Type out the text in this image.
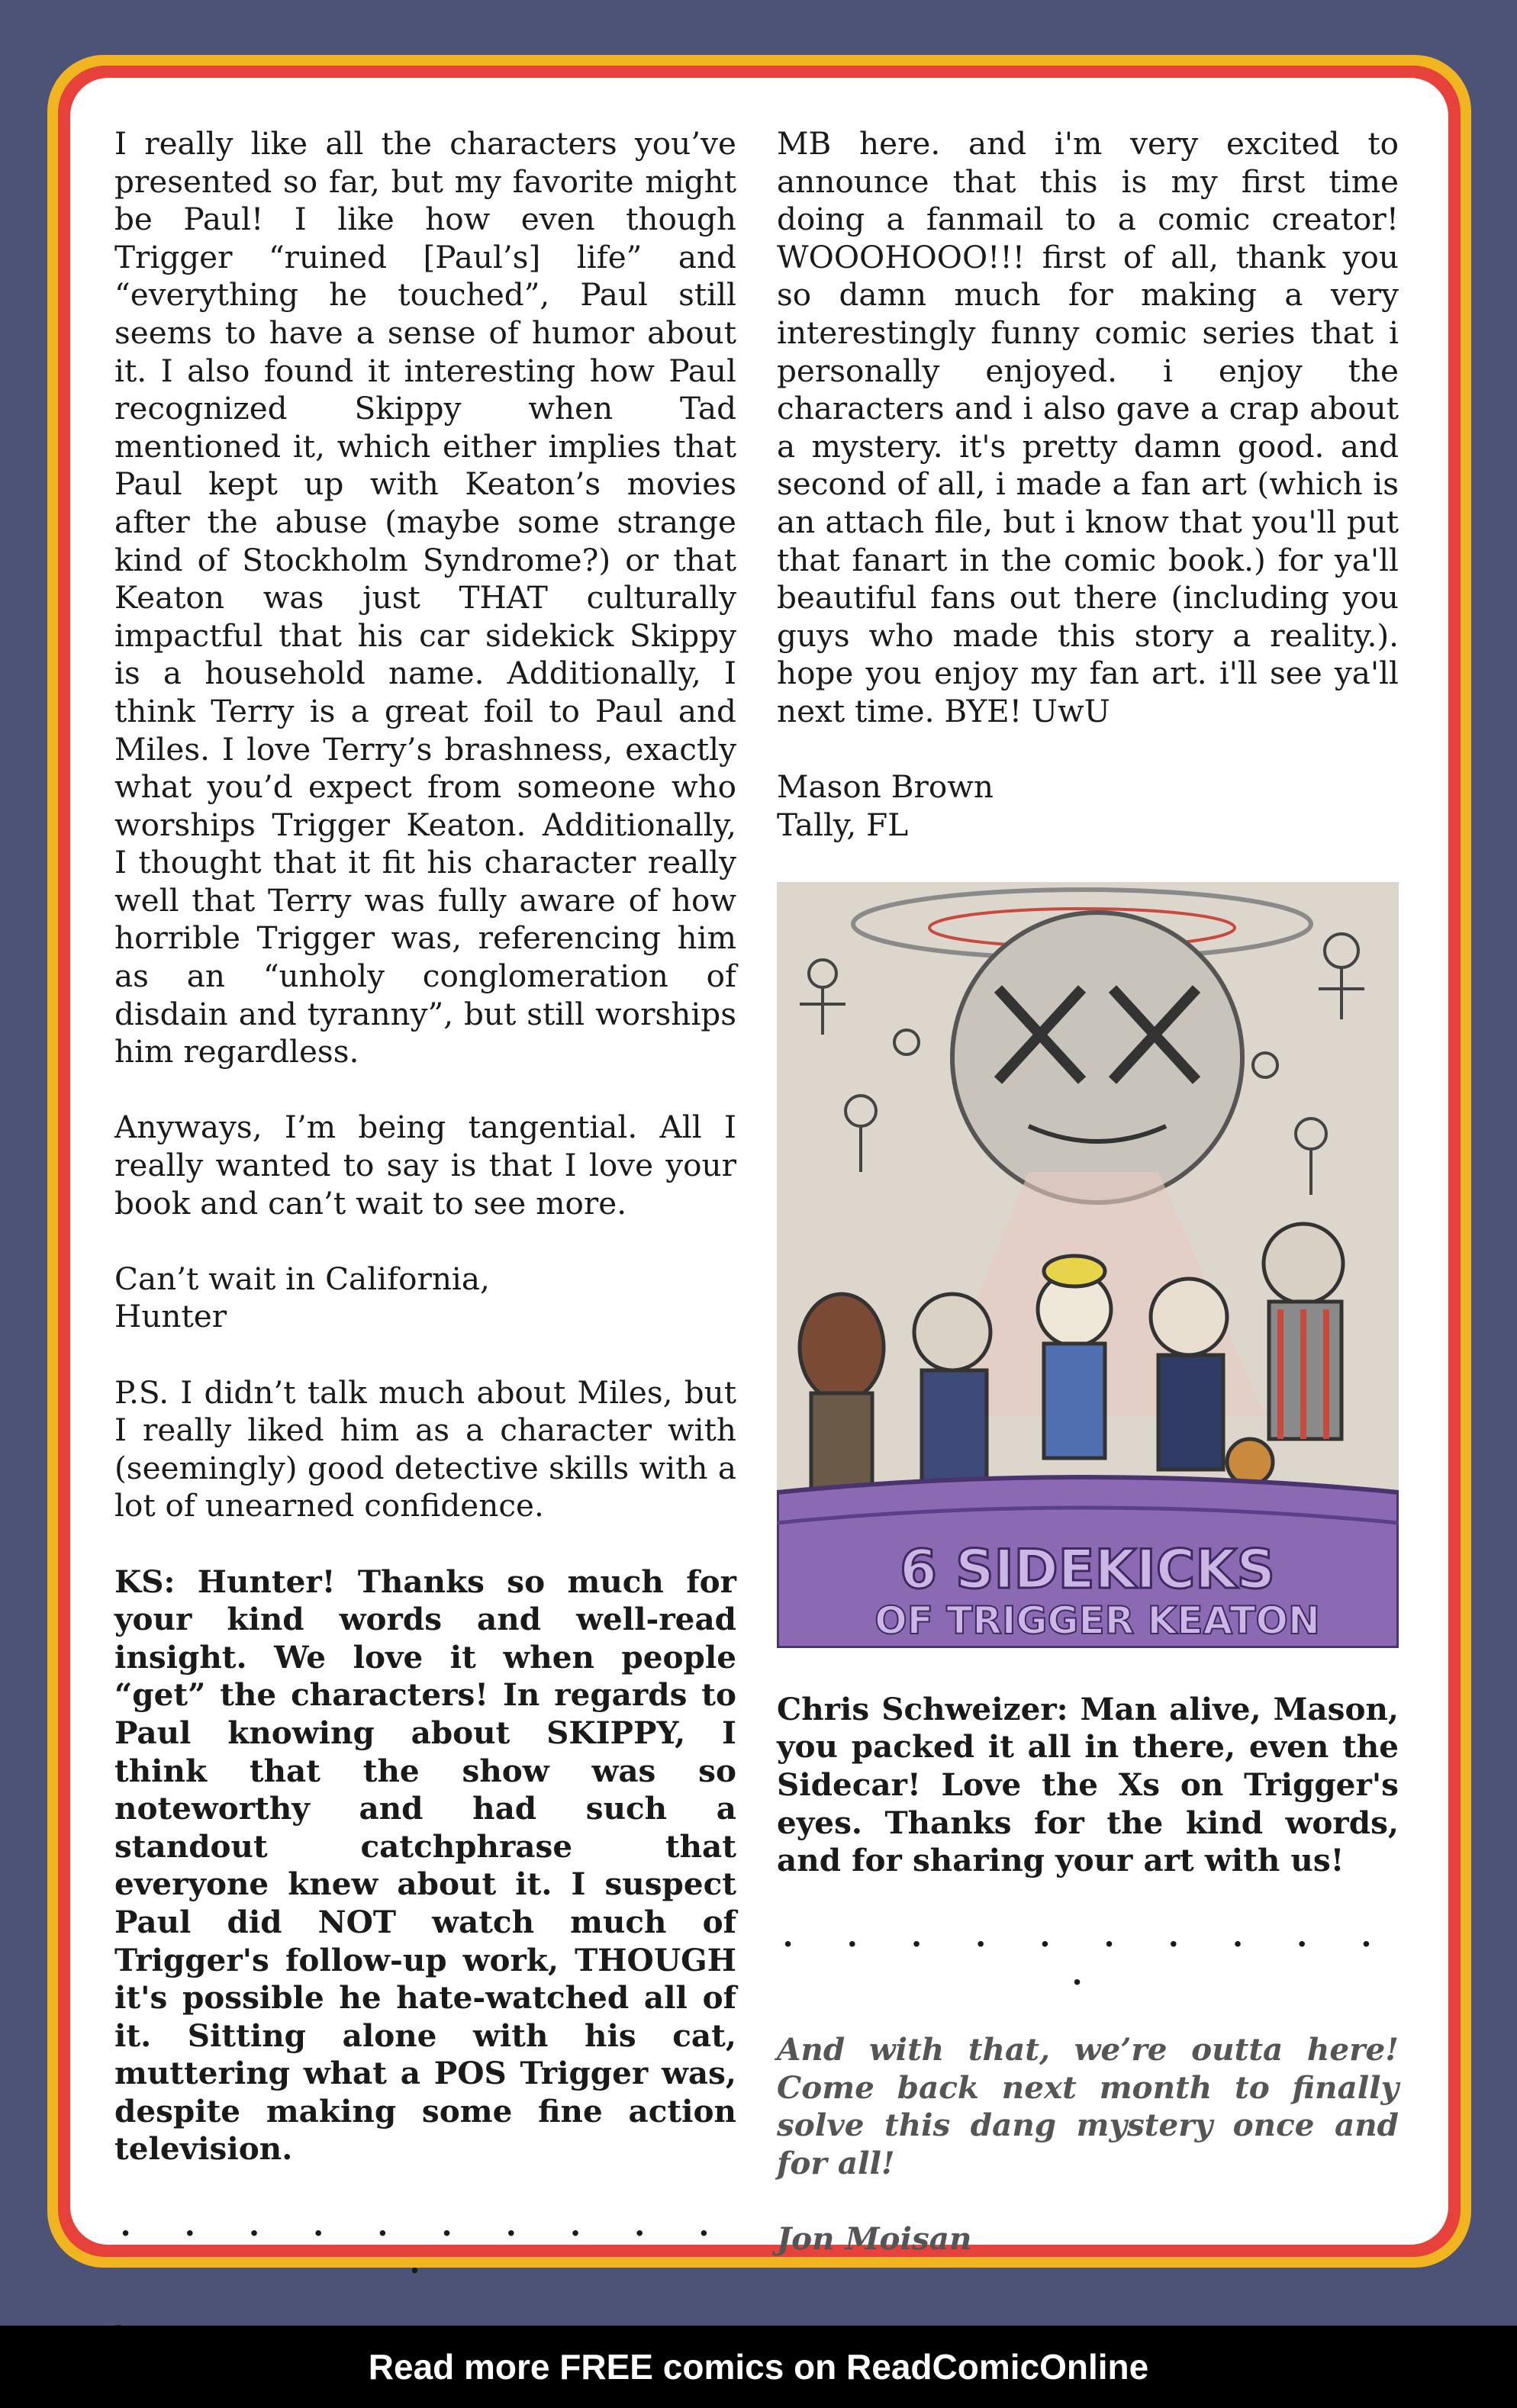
I really like all the characters you’ve presented so far, but my favorite might be Paul! I like how even though Trigger “ruined [Paul’s] life” and “everything he touched”, Paul still seems to have a sense of humor about it. I also found it interesting how Paul recognized Skippy when Tad mentioned it, which either implies that Paul kept up with Keaton’s movies after the abuse (maybe some strange kind of Stockholm Syndrome?) or that Keaton was just THAT culturally impactful that his car sidekick Skippy is a household name. Additionally, I think Terry is a great foil to Paul and Miles. I love Terry’s brashness, exactly what you’d expect from someone who worships Trigger Keaton. Additionally, I thought that it fit his character really well that Terry was fully aware of how horrible Trigger was, referencing him as an “unholy conglomeration of disdain and tyranny”, but still worships him regardless.

Anyways, I’m being tangential. All I really wanted to say is that I love your book and can’t wait to see more.

Can’t wait in California,

Hunter

P.S. I didn’t talk much about Miles, but I really liked him as a character with (seemingly) good detective skills with a lot of unearned confidence.

KS: Hunter! Thanks so much for your kind words and well-read insight. We love it when people “get” the characters! In regards to Paul knowing about SKIPPY, I think that the show was so noteworthy and had such a standout catchphrase that everyone knew about it. I suspect Paul did NOT watch much of Trigger's follow-up work, THOUGH it's possible he hate-watched all of it. Sitting alone with his cat, muttering what a POS Trigger was, despite making some fine action television.

. . . . . . . . . . .

MB here. and i'm very excited to announce that this is my first time doing a fanmail to a comic creator! WOOOHOOO!!! first of all, thank you so damn much for making a very interestingly funny comic series that i personally enjoyed. i enjoy the characters and i also gave a crap about a mystery. it's pretty damn good. and second of all, i made a fan art (which is an attach file, but i know that you'll put that fanart in the comic book.) for ya'll beautiful fans out there (including you guys who made this story a reality.). hope you enjoy my fan art. i'll see ya'll next time. BYE! UwU

Mason Brown

Tally, FL

6 SIDEKICKS
OF TRIGGER KEATON

Chris Schweizer: Man alive, Mason, you packed it all in there, even the Sidecar! Love the Xs on Trigger's eyes. Thanks for the kind words, and for sharing your art with us!

. . . . . . . . . . .

And with that, we’re outta here! Come back next month to finally solve this dang mystery once and for all!

Jon Moisan

Read more FREE comics on ReadComicOnline
